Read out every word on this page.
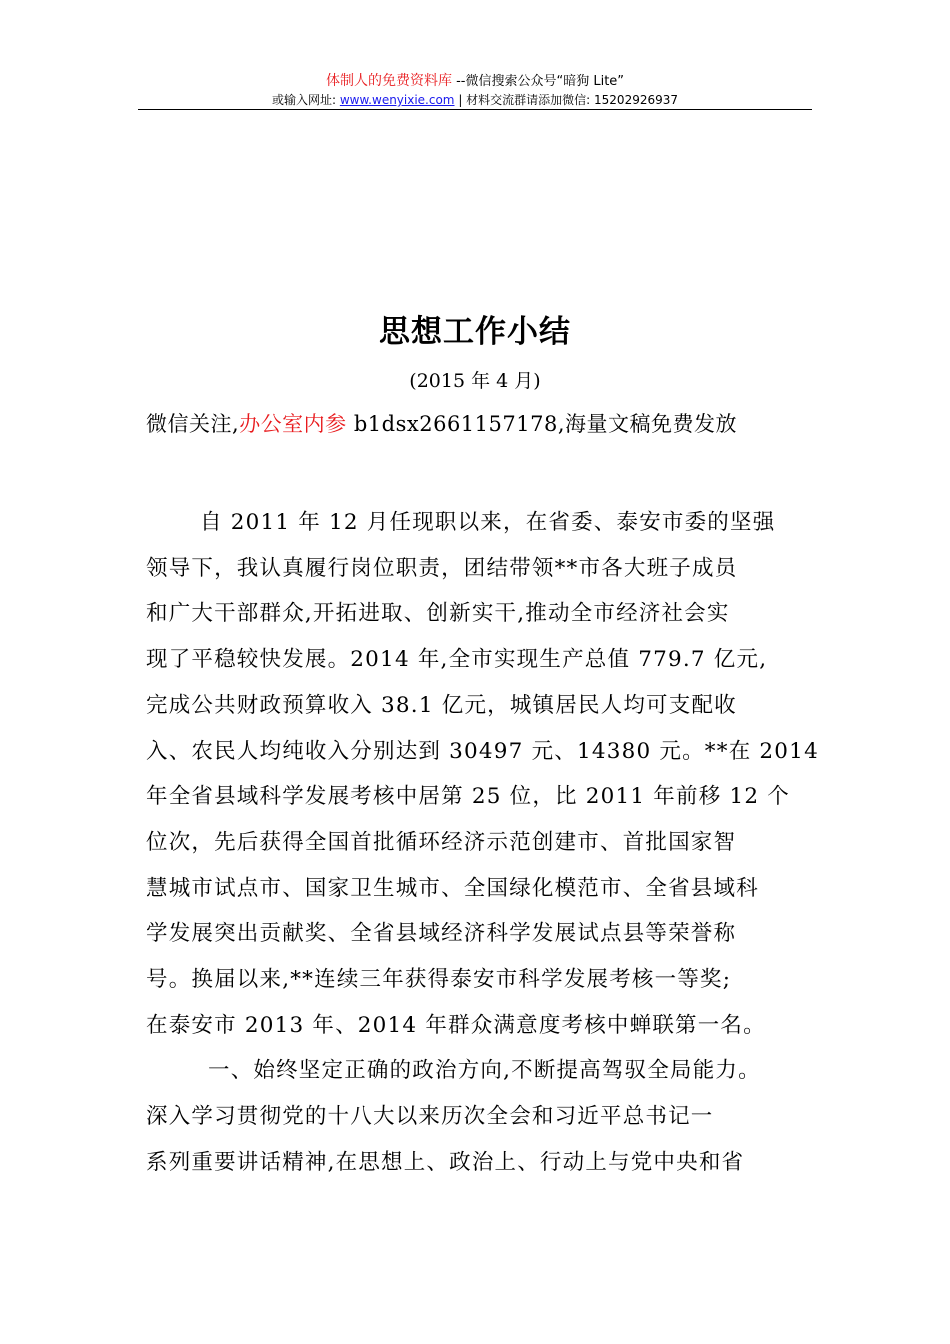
体制人的免费资料库 --微信搜索公众号“暗狗 Lite”
或输入网址: www.wenyixie.com | 材料交流群请添加微信: 15202926937
思想工作小结
(2015 年 4 月)
微信关注,办公室内参 b1dsx2661157178,海量文稿免费发放

自 2011 年 12 月任现职以来，在省委、泰安市委的坚强
领导下，我认真履行岗位职责，团结带领**市各大班子成员
和广大干部群众,开拓进取、创新实干,推动全市经济社会实
现了平稳较快发展。2014 年,全市实现生产总值 779.7 亿元,
完成公共财政预算收入 38.1 亿元，城镇居民人均可支配收
入、农民人均纯收入分别达到 30497 元、14380 元。**在 2014
年全省县域科学发展考核中居第 25 位，比 2011 年前移 12 个
位次，先后获得全国首批循环经济示范创建市、首批国家智
慧城市试点市、国家卫生城市、全国绿化模范市、全省县域科
学发展突出贡献奖、全省县域经济科学发展试点县等荣誉称
号。换届以来,**连续三年获得泰安市科学发展考核一等奖;
在泰安市 2013 年、2014 年群众满意度考核中蝉联第一名。

一、始终坚定正确的政治方向,不断提高驾驭全局能力。
深入学习贯彻党的十八大以来历次全会和习近平总书记一
系列重要讲话精神,在思想上、政治上、行动上与党中央和省
